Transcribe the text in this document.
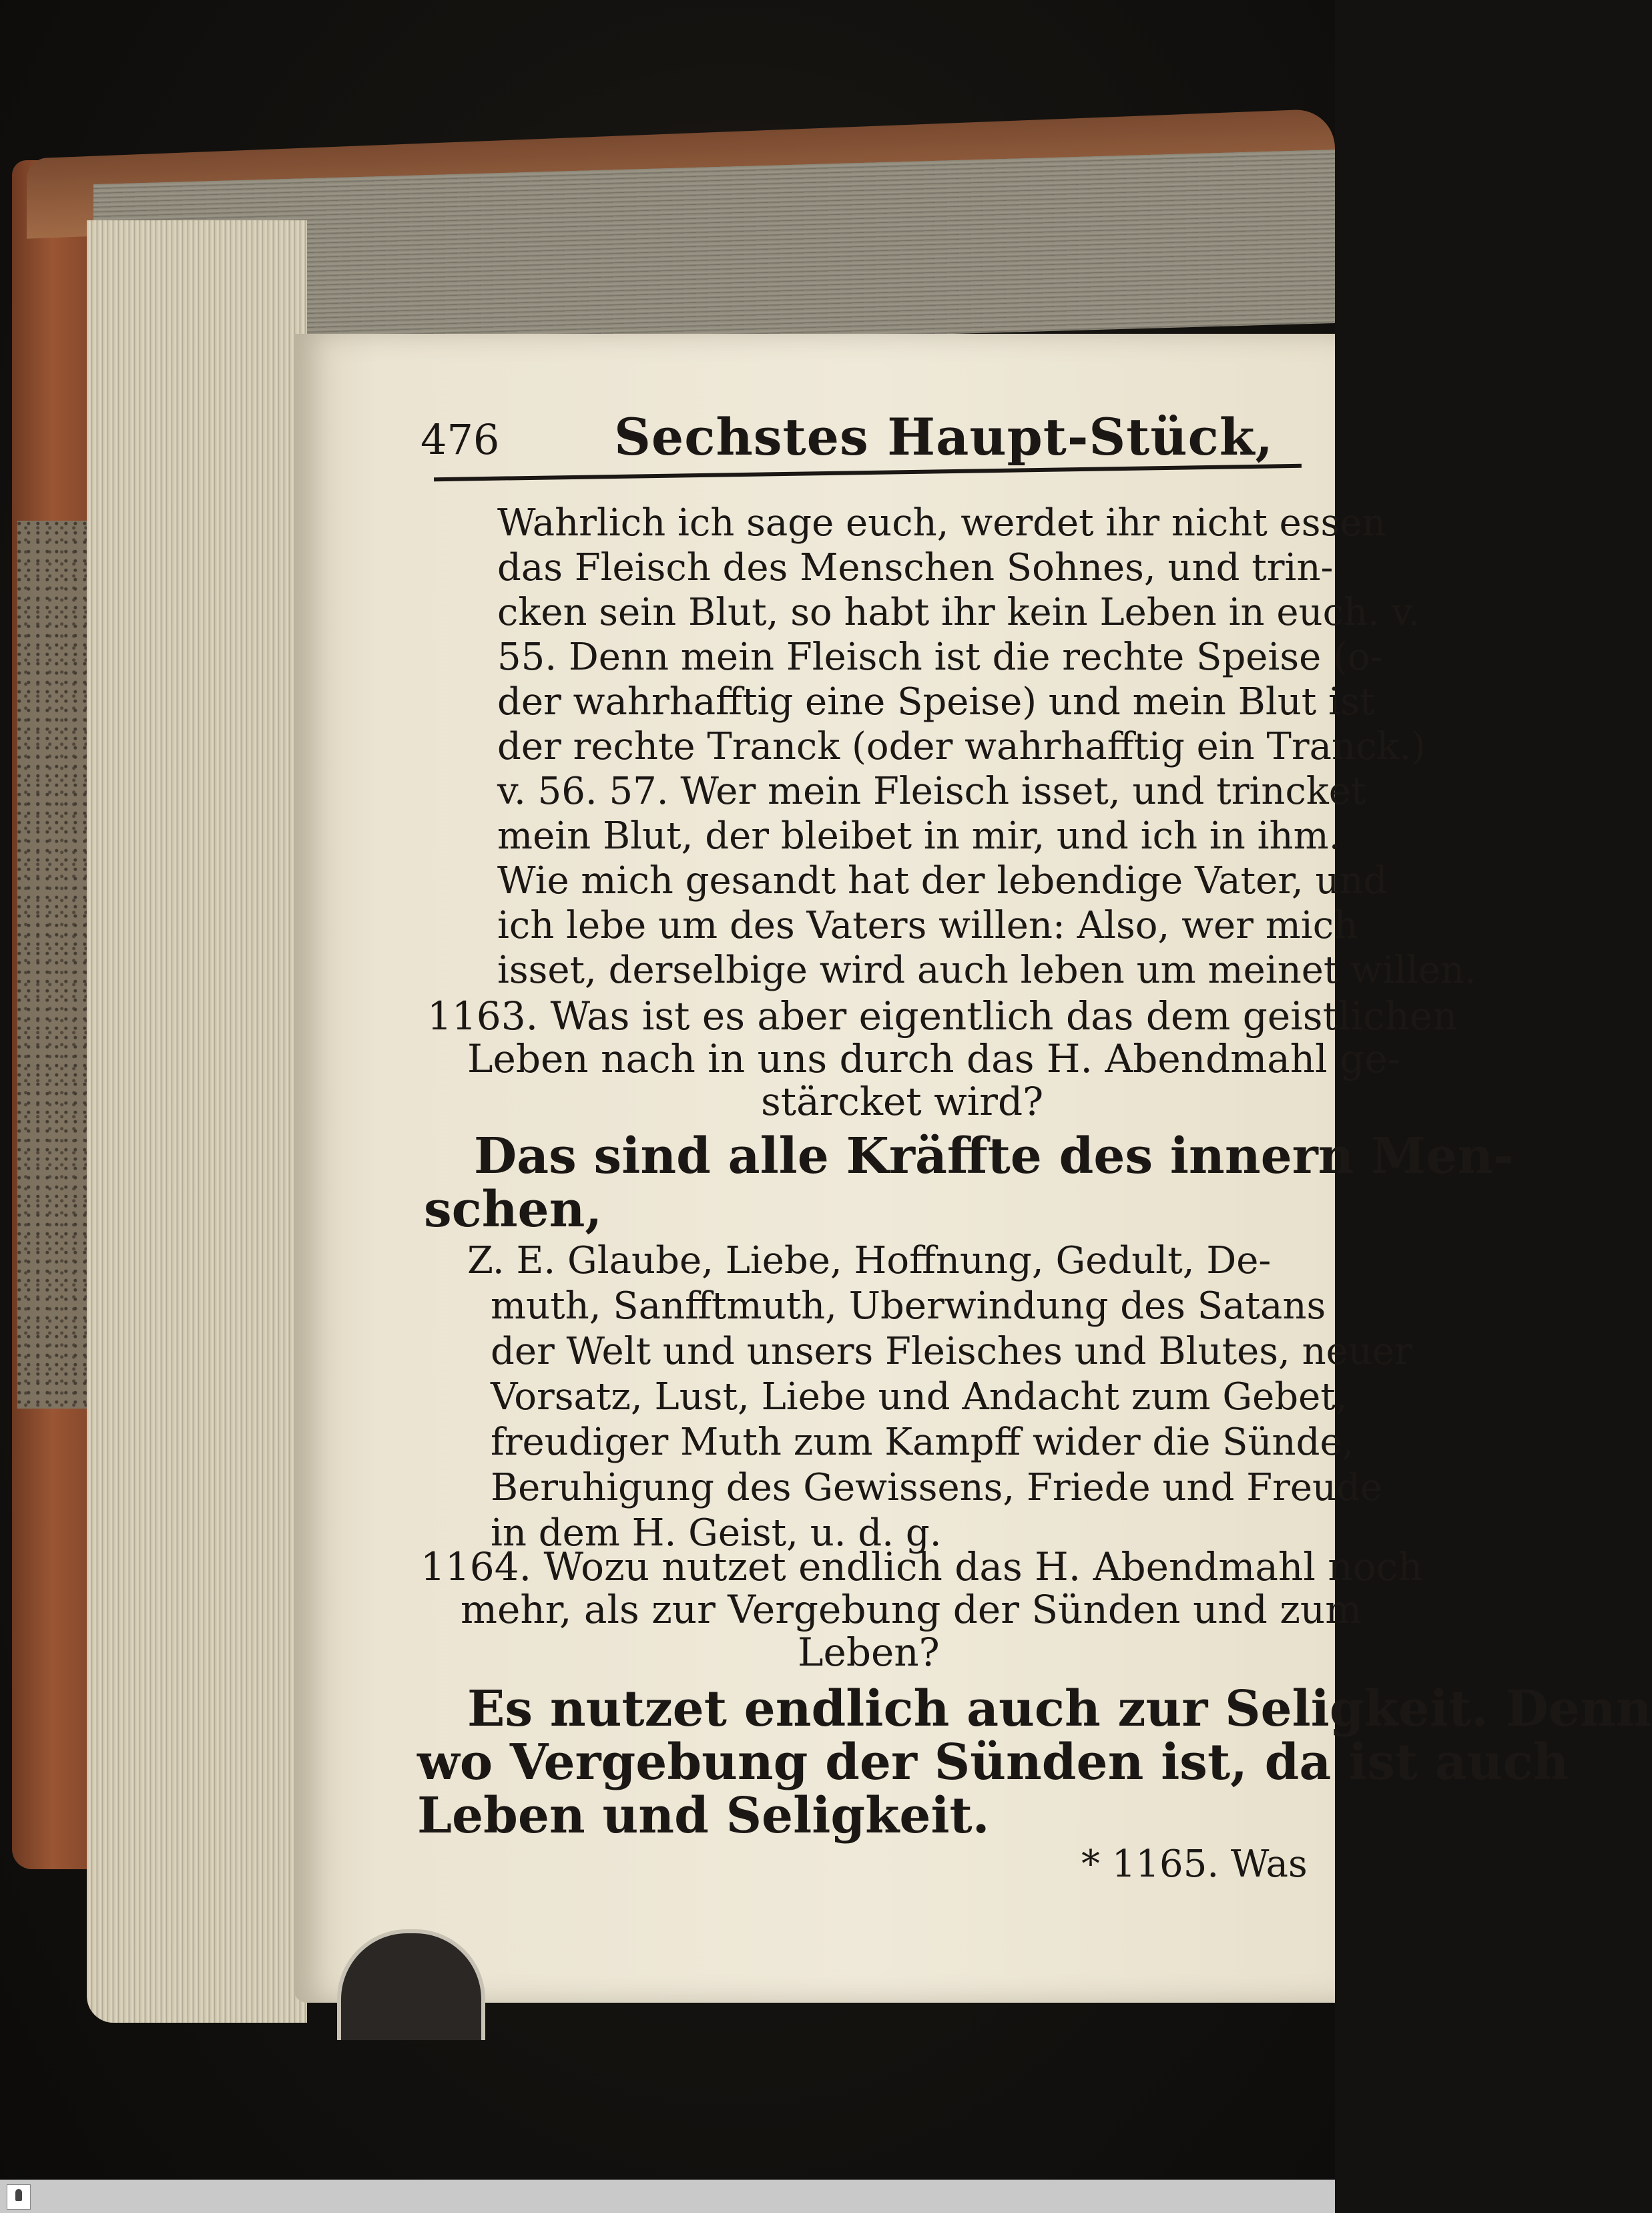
476 Sechstes Haupt-Stück,
Wahrlich ich sage euch, werdet ihr nicht essen
das Fleisch des Menschen Sohnes, und trin-
cken sein Blut, so habt ihr kein Leben in euch. v.
55. Denn mein Fleisch ist die rechte Speise (o-
der wahrhafftig eine Speise) und mein Blut ist
der rechte Tranck (oder wahrhafftig ein Tranck.)
v. 56. 57. Wer mein Fleisch isset, und trincket
mein Blut, der bleibet in mir, und ich in ihm.
Wie mich gesandt hat der lebendige Vater, und
ich lebe um des Vaters willen: Also, wer mich
isset, derselbige wird auch leben um meinet willen.
1163. Was ist es aber eigentlich das dem geistlichen
Leben nach in uns durch das H. Abendmahl ge-
stärcket wird?
Das sind alle Kräffte des innern Men-
schen,
Z. E. Glaube, Liebe, Hoffnung, Gedult, De-
muth, Sanfftmuth, Uberwindung des Satans
der Welt und unsers Fleisches und Blutes, neuer
Vorsatz, Lust, Liebe und Andacht zum Gebet,
freudiger Muth zum Kampff wider die Sünde,
Beruhigung des Gewissens, Friede und Freude
in dem H. Geist, u. d. g.
1164. Wozu nutzet endlich das H. Abendmahl noch
mehr, als zur Vergebung der Sünden und zum
Leben?
Es nutzet endlich auch zur Seligkeit. Denn
wo Vergebung der Sünden ist, da ist auch
Leben und Seligkeit.
* 1165. Was
